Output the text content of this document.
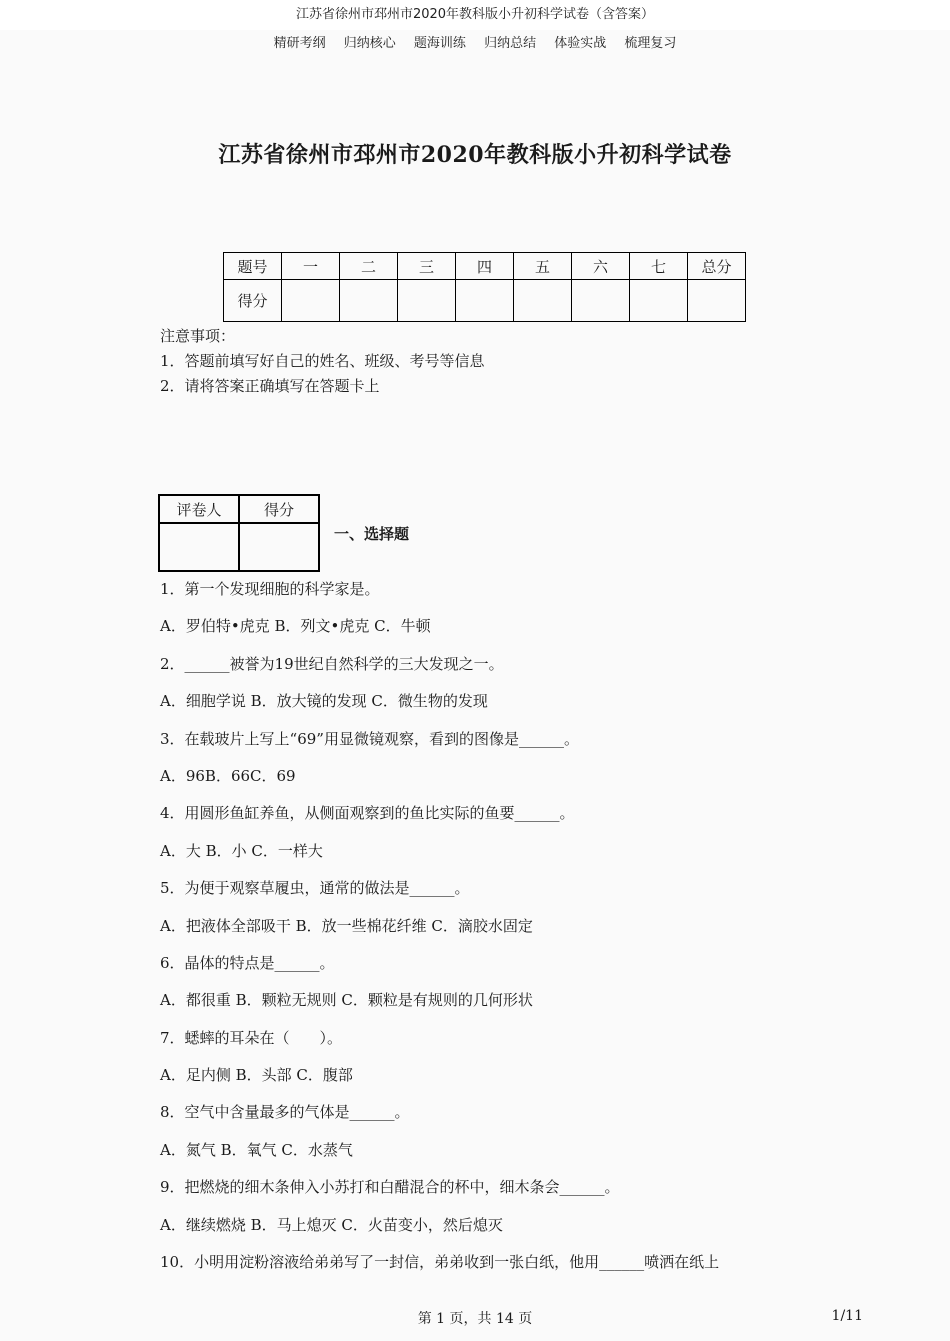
江苏省徐州市邳州市2020年教科版小升初科学试卷（含答案）
精研考纲 归纳核心 题海训练 归纳总结 体验实战 梳理复习
江苏省徐州市邳州市2020年教科版小升初科学试卷
题号	一	二	三	四	五	六	七	总分
得分								
注意事项：
1．答题前填写好自己的姓名、班级、考号等信息
2．请将答案正确填写在答题卡上
评卷人	得分

一、选择题
1．第一个发现细胞的科学家是。
A．罗伯特•虎克 B．列文•虎克 C．牛顿
2．______被誉为19世纪自然科学的三大发现之一。
A．细胞学说 B．放大镜的发现 C．微生物的发现
3．在载玻片上写上“69”用显微镜观察，看到的图像是______。
A．96B．66C．69
4．用圆形鱼缸养鱼，从侧面观察到的鱼比实际的鱼要______。
A．大 B．小 C．一样大
5．为便于观察草履虫，通常的做法是______。
A．把液体全部吸干 B．放一些棉花纤维 C．滴胶水固定
6．晶体的特点是______。
A．都很重 B．颗粒无规则 C．颗粒是有规则的几何形状
7．蟋蟀的耳朵在（　　）。
A．足内侧 B．头部 C．腹部
8．空气中含量最多的气体是______。
A．氮气 B．氧气 C．水蒸气
9．把燃烧的细木条伸入小苏打和白醋混合的杯中，细木条会______。
A．继续燃烧 B．马上熄灭 C．火苗变小，然后熄灭
10．小明用淀粉溶液给弟弟写了一封信，弟弟收到一张白纸，他用______喷洒在纸上
第 1 页，共 14 页	1/11
